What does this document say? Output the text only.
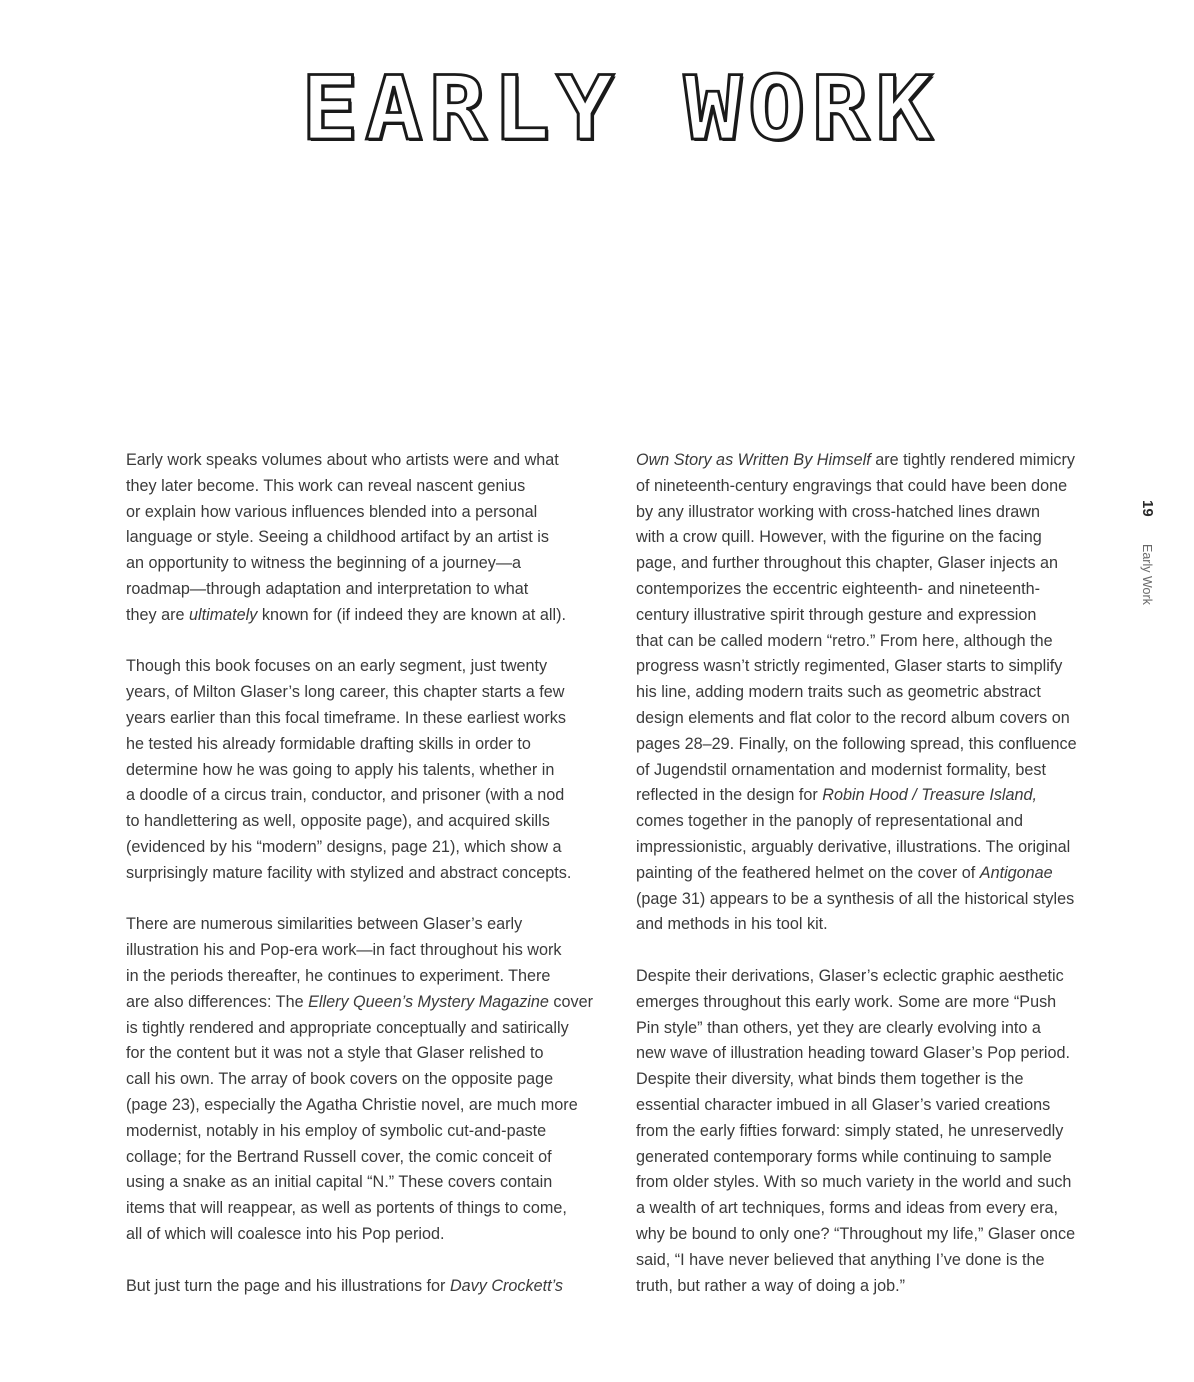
EARLY WORK
19
Early Work

Early work speaks volumes about who artists were and what
they later become. This work can reveal nascent genius
or explain how various influences blended into a personal
language or style. Seeing a childhood artifact by an artist is
an opportunity to witness the beginning of a journey—a
roadmap—through adaptation and interpretation to what
they are ultimately known for (if indeed they are known at all).

Though this book focuses on an early segment, just twenty
years, of Milton Glaser’s long career, this chapter starts a few
years earlier than this focal timeframe. In these earliest works
he tested his already formidable drafting skills in order to
determine how he was going to apply his talents, whether in
a doodle of a circus train, conductor, and prisoner (with a nod
to handlettering as well, opposite page), and acquired skills
(evidenced by his “modern” designs, page 21), which show a
surprisingly mature facility with stylized and abstract concepts.

There are numerous similarities between Glaser’s early
illustration his and Pop-era work—in fact throughout his work
in the periods thereafter, he continues to experiment. There
are also differences: The Ellery Queen’s Mystery Magazine cover
is tightly rendered and appropriate conceptually and satirically
for the content but it was not a style that Glaser relished to
call his own. The array of book covers on the opposite page
(page 23), especially the Agatha Christie novel, are much more
modernist, notably in his employ of symbolic cut-and-paste
collage; for the Bertrand Russell cover, the comic conceit of
using a snake as an initial capital “N.” These covers contain
items that will reappear, as well as portents of things to come,
all of which will coalesce into his Pop period.

But just turn the page and his illustrations for Davy Crockett’s

Own Story as Written By Himself are tightly rendered mimicry
of nineteenth-century engravings that could have been done
by any illustrator working with cross-hatched lines drawn
with a crow quill. However, with the figurine on the facing
page, and further throughout this chapter, Glaser injects an
contemporizes the eccentric eighteenth- and nineteenth-
century illustrative spirit through gesture and expression
that can be called modern “retro.” From here, although the
progress wasn’t strictly regimented, Glaser starts to simplify
his line, adding modern traits such as geometric abstract
design elements and flat color to the record album covers on
pages 28–29. Finally, on the following spread, this confluence
of Jugendstil ornamentation and modernist formality, best
reflected in the design for Robin Hood / Treasure Island,
comes together in the panoply of representational and
impressionistic, arguably derivative, illustrations. The original
painting of the feathered helmet on the cover of Antigonae
(page 31) appears to be a synthesis of all the historical styles
and methods in his tool kit.

Despite their derivations, Glaser’s eclectic graphic aesthetic
emerges throughout this early work. Some are more “Push
Pin style” than others, yet they are clearly evolving into a
new wave of illustration heading toward Glaser’s Pop period.
Despite their diversity, what binds them together is the
essential character imbued in all Glaser’s varied creations
from the early fifties forward: simply stated, he unreservedly
generated contemporary forms while continuing to sample
from older styles. With so much variety in the world and such
a wealth of art techniques, forms and ideas from every era,
why be bound to only one? “Throughout my life,” Glaser once
said, “I have never believed that anything I’ve done is the
truth, but rather a way of doing a job.”
